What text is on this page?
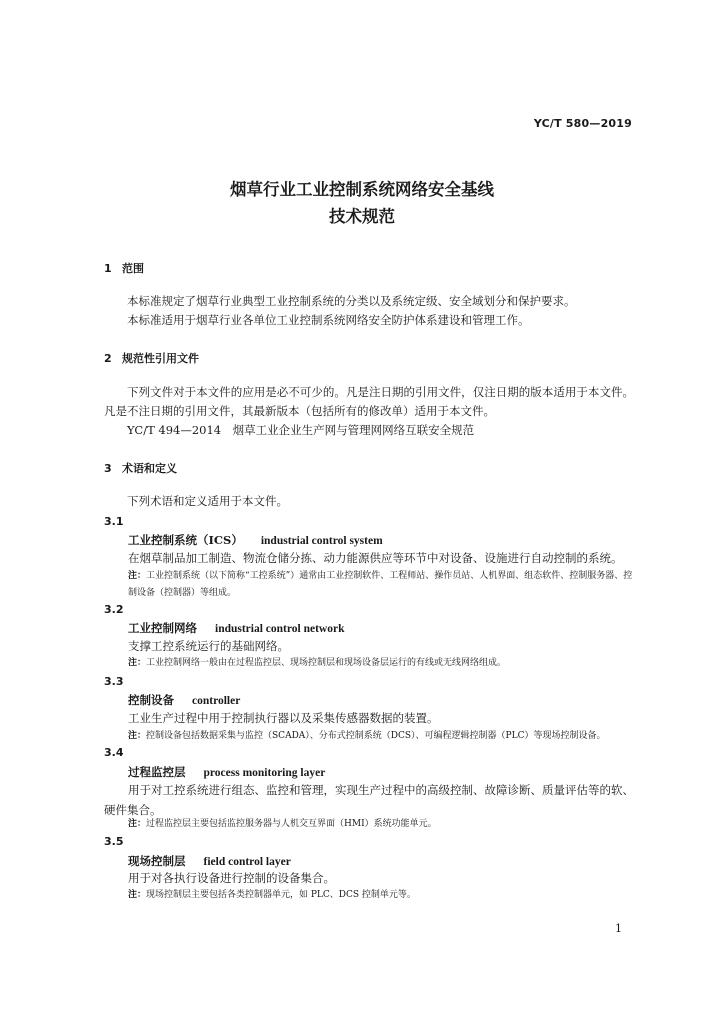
YC/T 580—2019
烟草行业工业控制系统网络安全基线
技术规范
1 范围
本标准规定了烟草行业典型工业控制系统的分类以及系统定级、安全域划分和保护要求。
本标准适用于烟草行业各单位工业控制系统网络安全防护体系建设和管理工作。
2 规范性引用文件
下列文件对于本文件的应用是必不可少的。凡是注日期的引用文件，仅注日期的版本适用于本文件。凡是不注日期的引用文件，其最新版本（包括所有的修改单）适用于本文件。
YC/T 494—2014　烟草工业企业生产网与管理网网络互联安全规范
3 术语和定义
下列术语和定义适用于本文件。
3.1
工业控制系统（ICS） industrial control system
在烟草制品加工制造、物流仓储分拣、动力能源供应等环节中对设备、设施进行自动控制的系统。
注：工业控制系统（以下简称“工控系统”）通常由工业控制软件、工程师站、操作员站、人机界面、组态软件、控制服务器、控制设备（控制器）等组成。
3.2
工业控制网络 industrial control network
支撑工控系统运行的基础网络。
注：工业控制网络一般由在过程监控层、现场控制层和现场设备层运行的有线或无线网络组成。
3.3
控制设备 controller
工业生产过程中用于控制执行器以及采集传感器数据的装置。
注：控制设备包括数据采集与监控（SCADA）、分布式控制系统（DCS）、可编程逻辑控制器（PLC）等现场控制设备。
3.4
过程监控层 process monitoring layer
用于对工控系统进行组态、监控和管理，实现生产过程中的高级控制、故障诊断、质量评估等的软、硬件集合。
注：过程监控层主要包括监控服务器与人机交互界面（HMI）系统功能单元。
3.5
现场控制层 field control layer
用于对各执行设备进行控制的设备集合。
注：现场控制层主要包括各类控制器单元，如 PLC、DCS 控制单元等。
1
